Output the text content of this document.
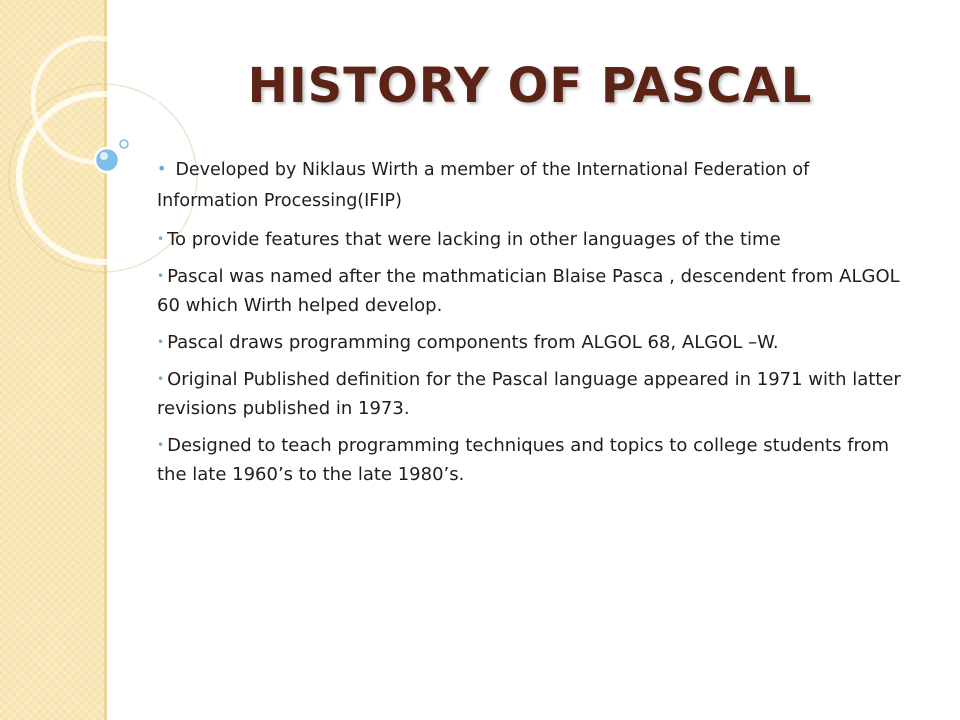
HISTORY OF PASCAL
• Developed by Niklaus Wirth a member of the International Federation of Information Processing(IFIP)
• To provide features that were lacking in other languages of the time
• Pascal was named after the mathmatician Blaise Pasca , descendent from ALGOL 60 which Wirth helped develop.
• Pascal draws programming components from ALGOL 68, ALGOL –W.
• Original Published definition for the Pascal language appeared in 1971 with latter revisions published in 1973.
• Designed to teach programming techniques and topics to college students from the late 1960’s to the late 1980’s.
